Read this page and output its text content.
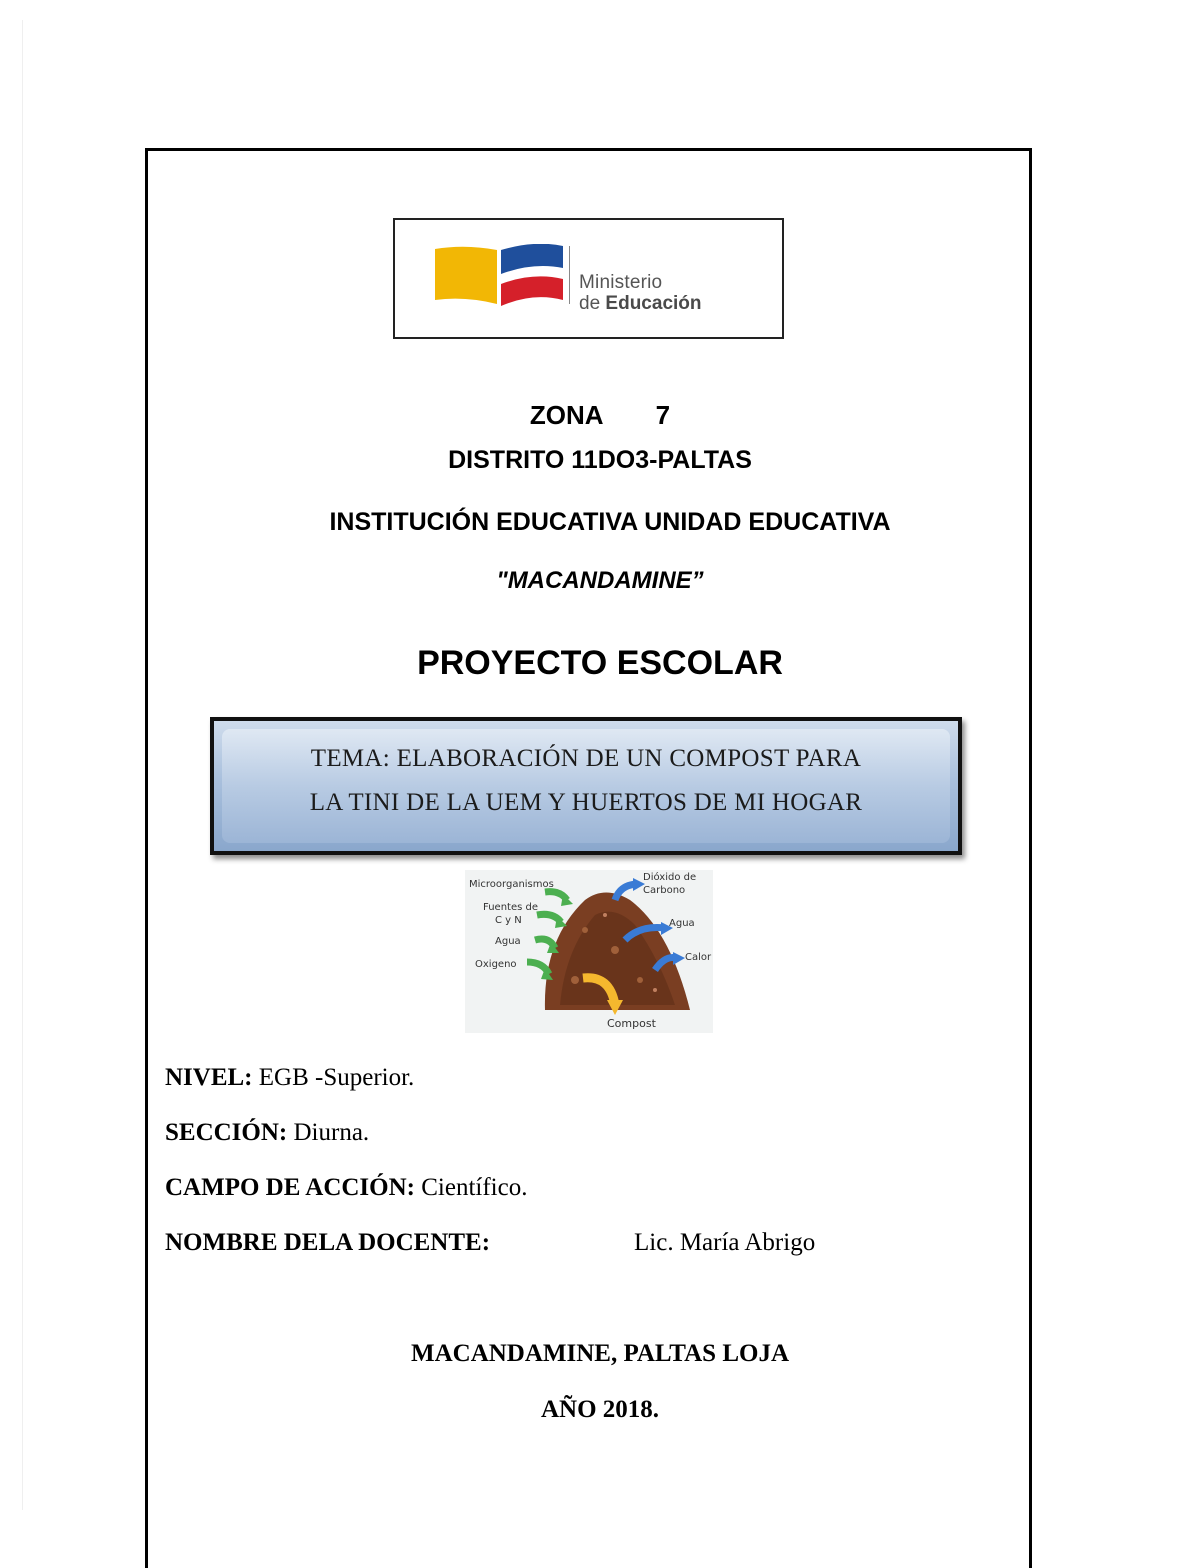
Ministerio
de Educación
ZONA 7
DISTRITO 11DO3-PALTAS
INSTITUCIÓN EDUCATIVA UNIDAD EDUCATIVA
"MACANDAMINE”
PROYECTO ESCOLAR
TEMA: ELABORACIÓN DE UN COMPOST PARA
LA TINI DE LA UEM Y HUERTOS DE MI HOGAR
Microorganismos
Fuentes de
C y N
Agua
Oxigeno
Dióxido de
Carbono
Agua
Calor
Compost
NIVEL: EGB -Superior.
SECCIÓN: Diurna.
CAMPO DE ACCIÓN: Científico.
NOMBRE DELA DOCENTE:	Lic. María Abrigo
MACANDAMINE, PALTAS LOJA
AÑO 2018.
